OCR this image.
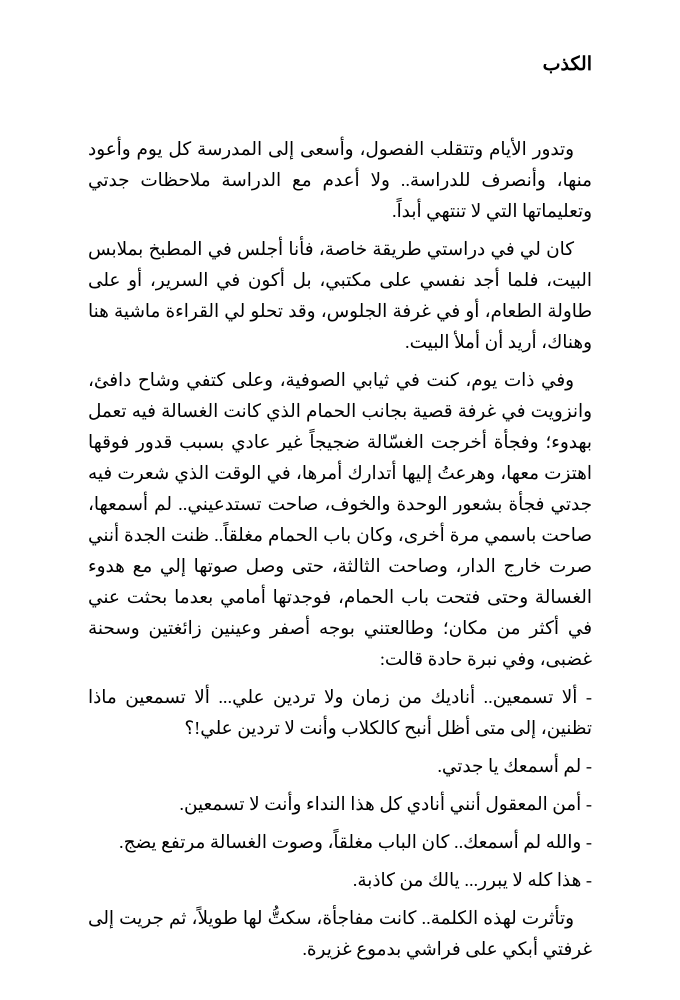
الكذب

وتدور الأيام وتتقلب الفصول، وأسعى إلى المدرسة كل يوم وأعود منها، وأنصرف للدراسة.. ولا أعدم مع الدراسة ملاحظات جدتي وتعليماتها التي لا تنتهي أبداً.

كان لي في دراستي طريقة خاصة، فأنا أجلس في المطبخ بملابس البيت، فلما أجد نفسي على مكتبي، بل أكون في السرير، أو على طاولة الطعام، أو في غرفة الجلوس، وقد تحلو لي القراءة ماشية هنا وهناك، أريد أن أملأ البيت.

وفي ذات يوم، كنت في ثيابي الصوفية، وعلى كتفي وشاح دافئ، وانزويت في غرفة قصية بجانب الحمام الذي كانت الغسالة فيه تعمل بهدوء؛ وفجأة أخرجت الغسّالة ضجيجاً غير عادي بسبب قدور فوقها اهتزت معها، وهرعتُ إليها أتدارك أمرها، في الوقت الذي شعرت فيه جدتي فجأة بشعور الوحدة والخوف، صاحت تستدعيني.. لم أسمعها، صاحت باسمي مرة أخرى، وكان باب الحمام مغلقاً.. ظنت الجدة أنني صرت خارج الدار، وصاحت الثالثة، حتى وصل صوتها إلي مع هدوء الغسالة وحتى فتحت باب الحمام، فوجدتها أمامي بعدما بحثت عني في أكثر من مكان؛ وطالعتني بوجه أصفر وعينين زائغتين وسحنة غضبى، وفي نبرة حادة قالت:

- ألا تسمعين.. أناديك من زمان ولا تردين علي... ألا تسمعين ماذا تظنين، إلى متى أظل أنبح كالكلاب وأنت لا تردين علي!؟

- لم أسمعك يا جدتي.

- أمن المعقول أنني أنادي كل هذا النداء وأنت لا تسمعين.

- والله لم أسمعك.. كان الباب مغلقاً، وصوت الغسالة مرتفع يضج.

- هذا كله لا يبرر... يالك من كاذبة.

وتأثرت لهذه الكلمة.. كانت مفاجأة، سكتُّ لها طويلاً، ثم جريت إلى غرفتي أبكي على فراشي بدموع غزيرة.
